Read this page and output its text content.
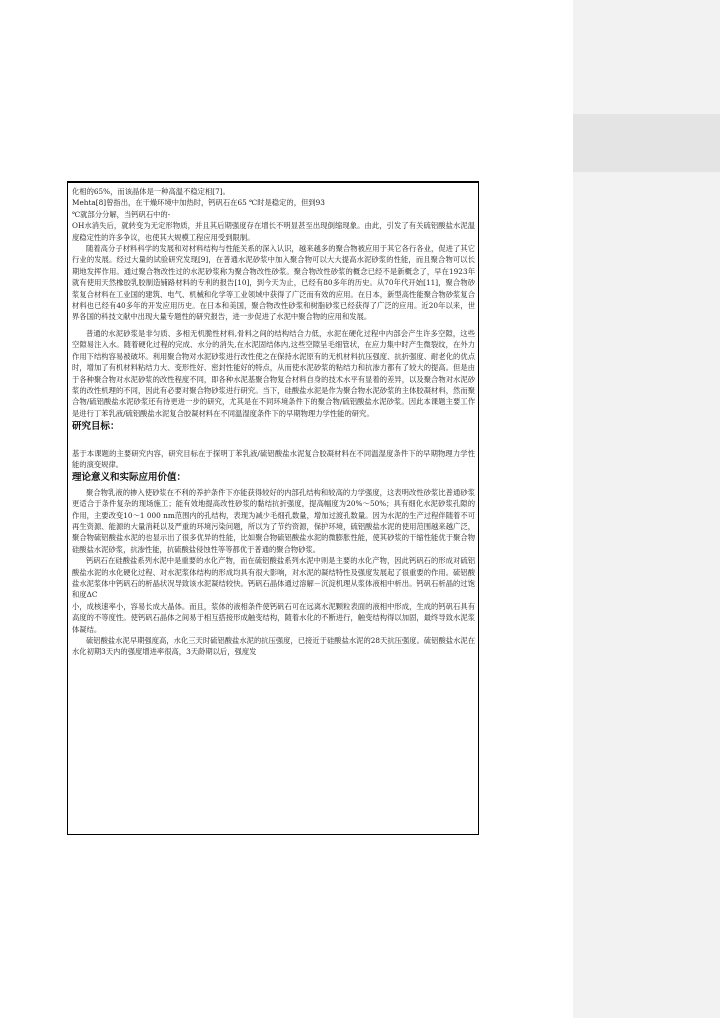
化相的65%，而该晶体是一种高温不稳定相[7]。

Mehta[8]曾指出，在干燥环境中加热时，钙矾石在65 ℃时是稳定的，但到93

℃就部分分解，当钙矾石中的-

OH水消失后，就转变为无定形物质，并且其后期强度存在增长不明显甚至出现倒缩现象。由此，引发了有关硫铝酸盐水泥温度稳定性的许多争议，也使其大规模工程应用受到限制。

随着高分子材料科学的发展和对材料结构与性能关系的深入认识，越来越多的聚合物被应用于其它各行各业，促进了其它行业的发展。经过大量的试验研究发现[9]，在普通水泥砂浆中加入聚合物可以大大提高水泥砂浆的性能，而且聚合物可以长期地发挥作用。通过聚合物改性过的水泥砂浆称为聚合物改性砂浆。聚合物改性砂浆的概念已经不是新概念了，早在1923年就有使用天然橡胶乳胶制造铺路材料的专利的报告[10]，到今天为止，已经有80多年的历史。从70年代开始[11]，聚合物砂浆复合材料在工业国的建筑、电气、机械和化学等工业领域中获得了广泛而有效的应用。在日本，新型高性能聚合物砂浆复合材料也已经有40多年的开发应用历史。在日本和美国，聚合物改性砂浆和树脂砂浆已经获得了广泛的应用。近20年以来，世界各国的科技文献中出现大量专题性的研究报告，进一步促进了水泥中聚合物的应用和发展。

普通的水泥砂浆是非匀质、多相无机脆性材料,骨料之间的结构结合力低，水泥在硬化过程中内部会产生许多空隙，这些空隙易注入水。随着硬化过程的完成、水分的消失,在水泥固结体内,这些空隙呈毛细管状，在应力集中时产生微裂纹，在外力作用下结构容易被破坏。利用聚合物对水泥砂浆进行改性使之在保持水泥原有的无机材料抗压强度、抗折强度、耐老化的优点时，增加了有机材料粘结力大、变形性好、密封性能好的特点，从而使水泥砂浆的粘结力和抗渗力都有了较大的提高。但是由于各种聚合物对水泥砂浆的改性程度不同，即各种水泥基聚合物复合材料自身的技术水平有显着的差异，以及聚合物对水泥砂浆的改性机理的不同，因此有必要对聚合物砂浆进行研究。当下，硅酸盐水泥是作为聚合物水泥砂浆的主体胶凝材料，然而聚合物/硫铝酸盐水泥砂浆还有待更进一步的研究，尤其是在不同环境条件下的聚合物/硫铝酸盐水泥砂浆。因此本课题主要工作是进行丁苯乳液/硫铝酸盐水泥复合胶凝材料在不同温湿度条件下的早期物理力学性能的研究。

研究目标：

基于本课题的主要研究内容，研究目标在于探明丁苯乳液/硫铝酸盐水泥复合胶凝材料在不同温湿度条件下的早期物理力学性能的演变规律。

理论意义和实际应用价值：

聚合物乳液的掺入使砂浆在不利的养护条件下亦能获得较好的内部孔结构和较高的力学强度，这表明改性砂浆比普通砂浆更适合于条件复杂的现场施工；能有效地提高改性砂浆的黏结抗折强度，提高幅度为20%～50%；具有细化水泥砂浆孔隙的作用，主要改变10～1 000 nm范围内的孔结构，表现为减少毛细孔数量，增加过渡孔数量。因为水泥的生产过程伴随着不可再生资源、能源的大量消耗以及严重的环境污染问题，所以为了节约资源，保护环境，硫铝酸盐水泥的使用范围越来越广泛，聚合物硫铝酸盐水泥的也显示出了很多优异的性能，比如聚合物硫铝酸盐水泥的微膨胀性能，使其砂浆的干缩性能优于聚合物硅酸盐水泥砂浆，抗渗性能，抗硫酸盐侵蚀性等等都优于普通的聚合物砂浆。

钙矾石在硅酸盐系列水泥中是重要的水化产物，而在硫铝酸盐系列水泥中则是主要的水化产物，因此钙矾石的形成对硫铝酸盐水泥的水化硬化过程、对水泥浆体结构的形成均具有很大影响，对水泥的凝结特性及强度发展起了很重要的作用。硫铝酸盐水泥浆体中钙矾石的析晶状况导致该水泥凝结较快。钙矾石晶体通过溶解－沉淀机理从浆体液相中析出。钙矾石析晶的过饱和度ΔC

小，成核速率小，容易长成大晶体。而且，浆体的液相条件使钙矾石可在远离水泥颗粒表面的液相中形成，生成的钙矾石具有高度的不等度性。使钙矾石晶体之间易于相互搭接形成触变结构，随着水化的不断进行，触变结构得以加固，最终导致水泥浆体凝结。

硫铝酸盐水泥早期强度高，水化三天时硫铝酸盐水泥的抗压强度，已接近于硅酸盐水泥的28天抗压强度。硫铝酸盐水泥在水化初期3天内的强度增进率很高，3天龄期以后，强度发
